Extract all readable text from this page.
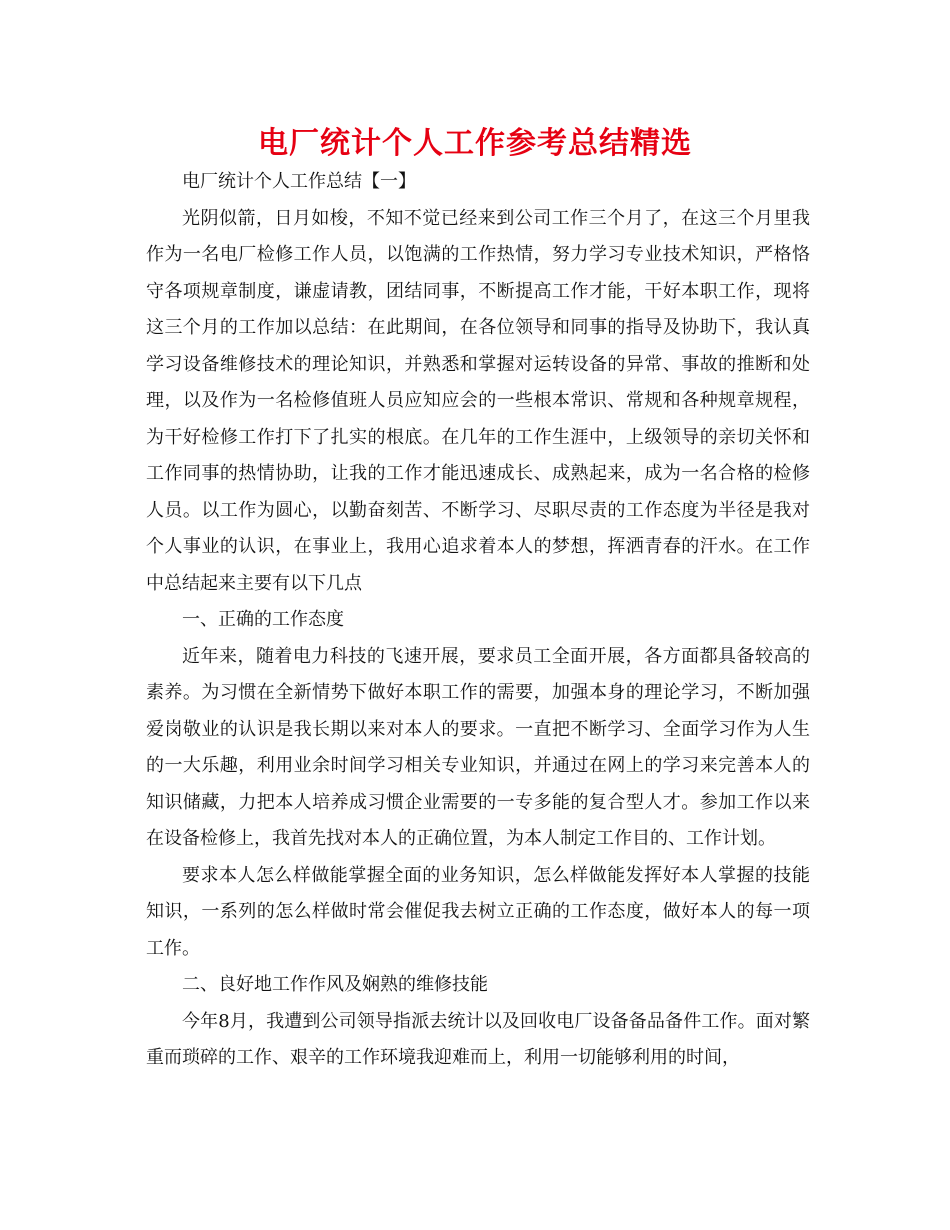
电厂统计个人工作参考总结精选

电厂统计个人工作总结【一】

光阴似箭，日月如梭，不知不觉已经来到公司工作三个月了，在这三个月里我作为一名电厂检修工作人员，以饱满的工作热情，努力学习专业技术知识，严格恪守各项规章制度，谦虚请教，团结同事，不断提高工作才能，干好本职工作，现将这三个月的工作加以总结：在此期间，在各位领导和同事的指导及协助下，我认真学习设备维修技术的理论知识，并熟悉和掌握对运转设备的异常、事故的推断和处理，以及作为一名检修值班人员应知应会的一些根本常识、常规和各种规章规程，为干好检修工作打下了扎实的根底。在几年的工作生涯中，上级领导的亲切关怀和工作同事的热情协助，让我的工作才能迅速成长、成熟起来，成为一名合格的检修人员。以工作为圆心，以勤奋刻苦、不断学习、尽职尽责的工作态度为半径是我对个人事业的认识，在事业上，我用心追求着本人的梦想，挥洒青春的汗水。在工作中总结起来主要有以下几点

一、正确的工作态度

近年来，随着电力科技的飞速开展，要求员工全面开展，各方面都具备较高的素养。为习惯在全新情势下做好本职工作的需要，加强本身的理论学习，不断加强爱岗敬业的认识是我长期以来对本人的要求。一直把不断学习、全面学习作为人生的一大乐趣，利用业余时间学习相关专业知识，并通过在网上的学习来完善本人的知识储藏，力把本人培养成习惯企业需要的一专多能的复合型人才。参加工作以来在设备检修上，我首先找对本人的正确位置，为本人制定工作目的、工作计划。

要求本人怎么样做能掌握全面的业务知识，怎么样做能发挥好本人掌握的技能知识，一系列的怎么样做时常会催促我去树立正确的工作态度，做好本人的每一项工作。

二、良好地工作作风及娴熟的维修技能

今年8月，我遭到公司领导指派去统计以及回收电厂设备备品备件工作。面对繁重而琐碎的工作、艰辛的工作环境我迎难而上，利用一切能够利用的时间，
